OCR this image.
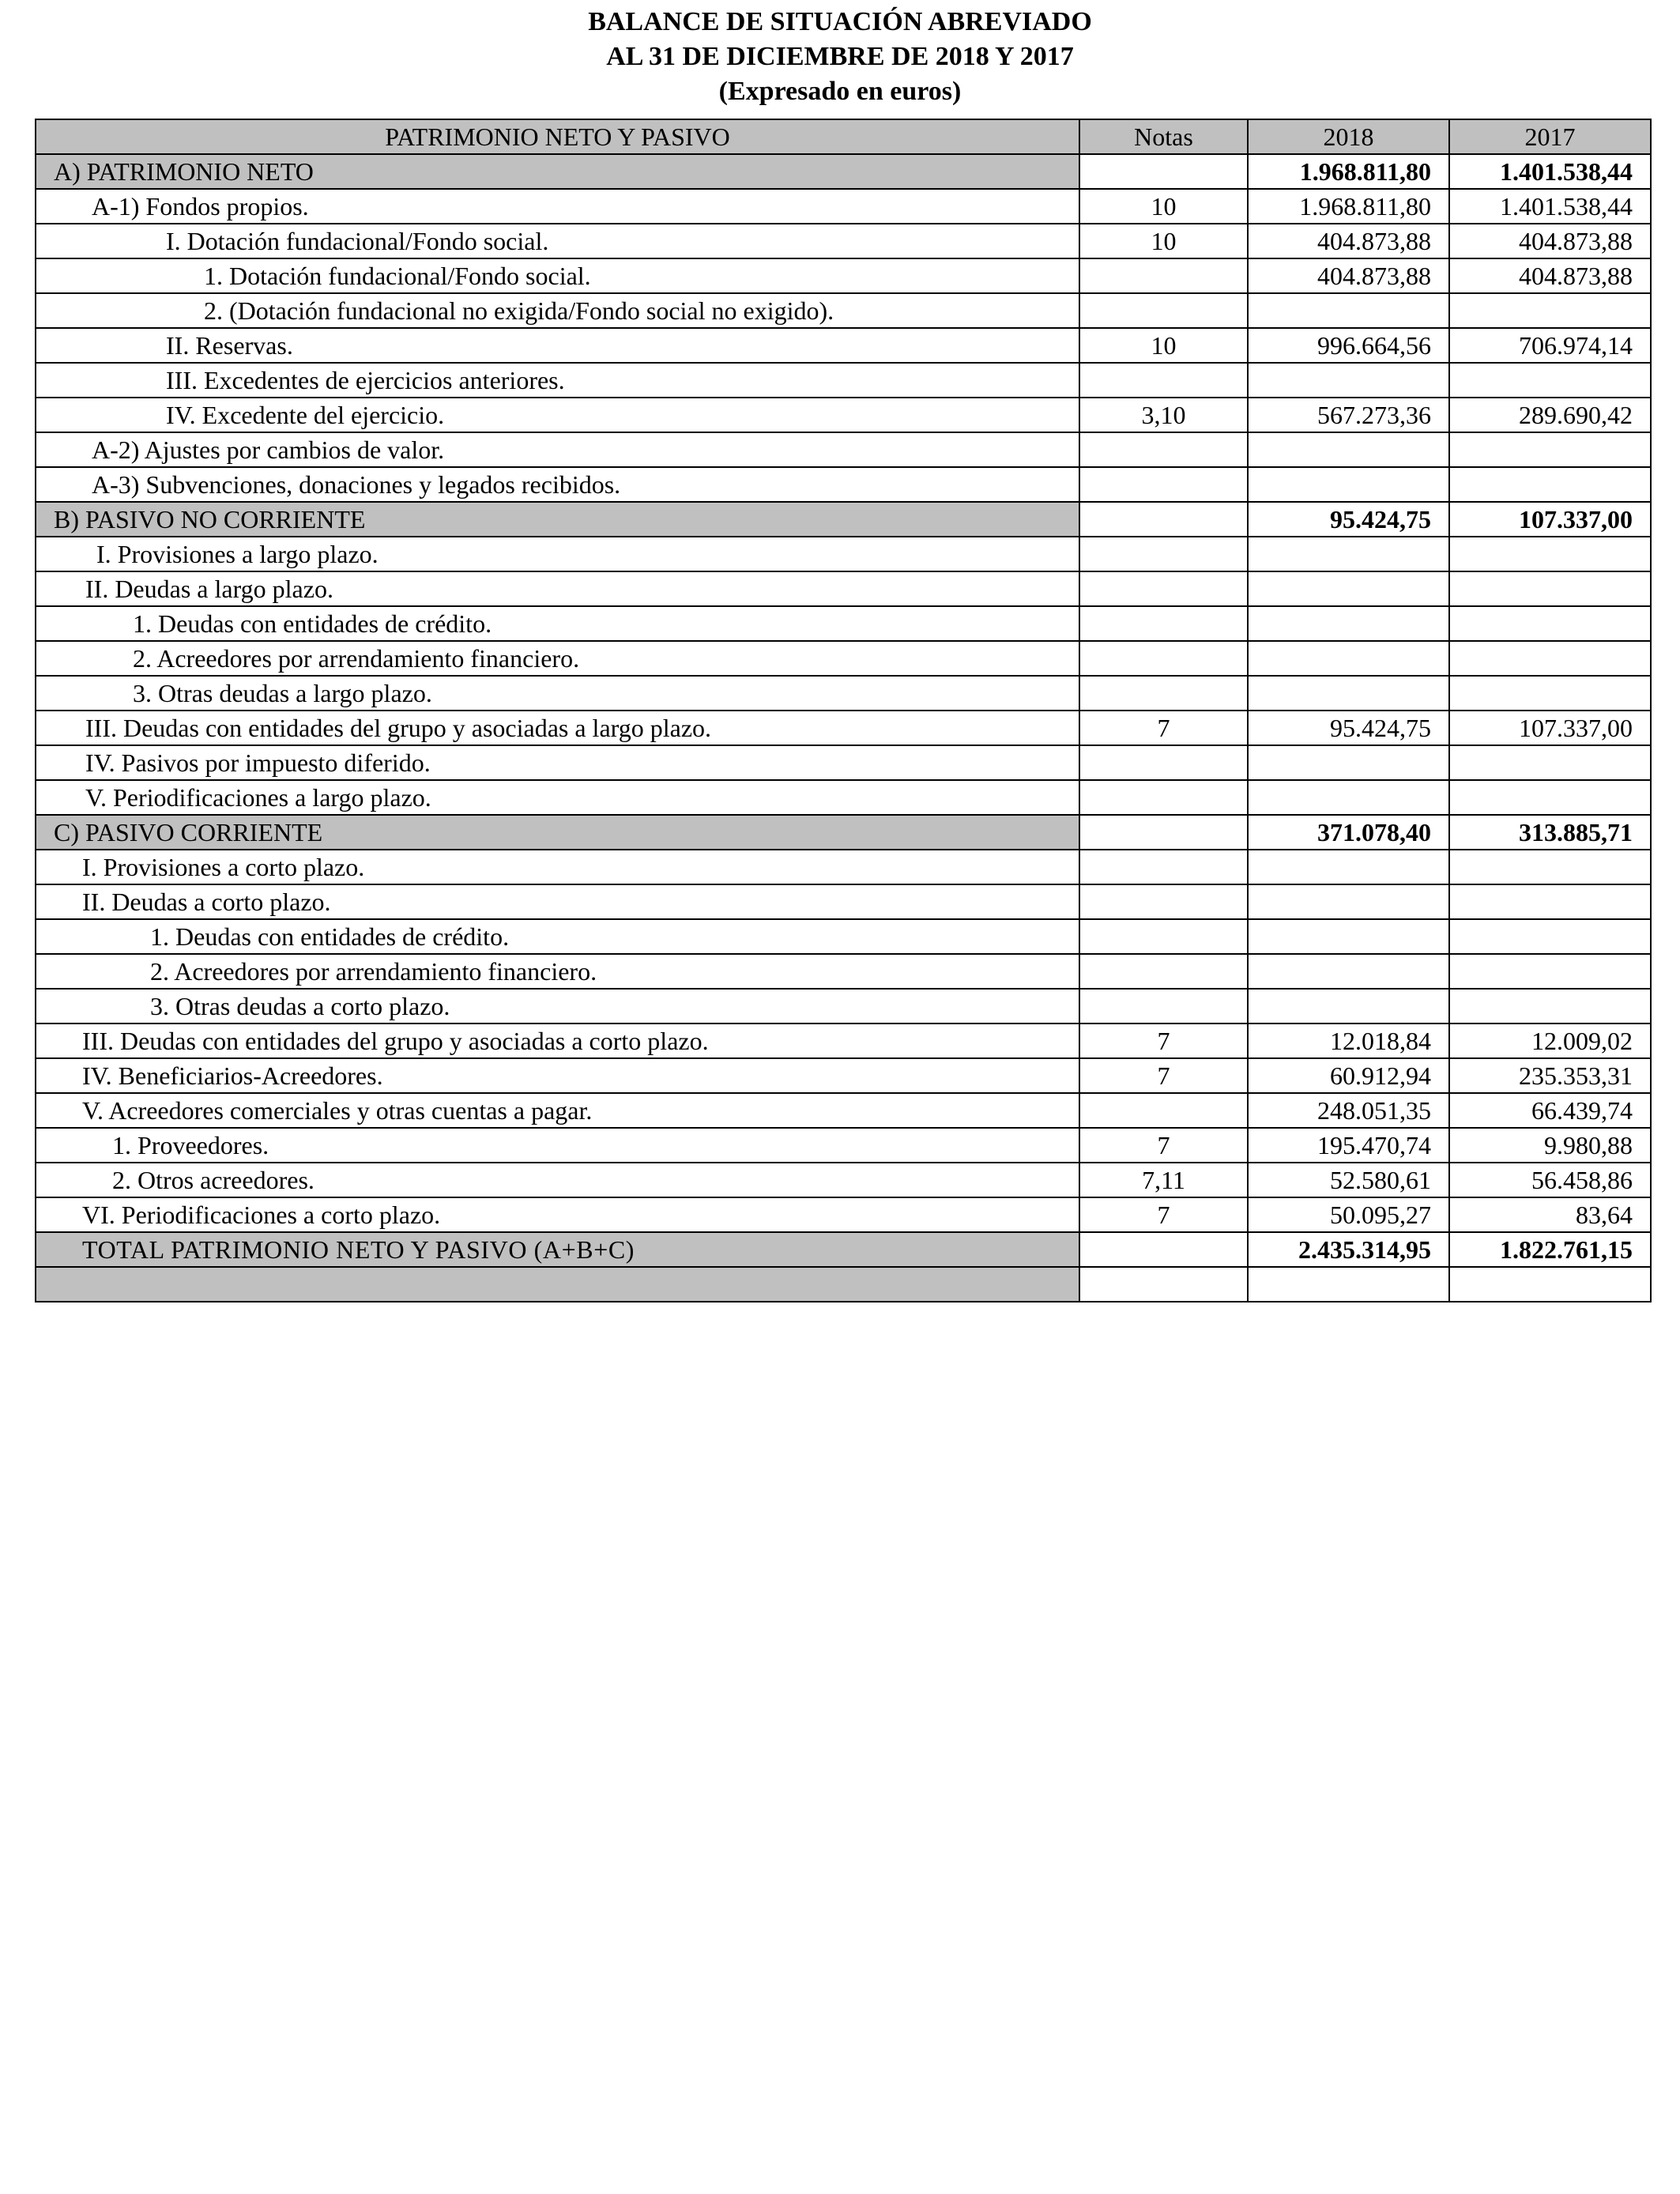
BALANCE DE SITUACIÓN ABREVIADO
AL 31 DE DICIEMBRE DE 2018 Y 2017
(Expresado en euros)
PATRIMONIO NETO Y PASIVO	Notas	2018	2017
A) PATRIMONIO NETO		1.968.811,80	1.401.538,44
A-1) Fondos propios.	10	1.968.811,80	1.401.538,44
I. Dotación fundacional/Fondo social.	10	404.873,88	404.873,88
1. Dotación fundacional/Fondo social.		404.873,88	404.873,88
2. (Dotación fundacional no exigida/Fondo social no exigido).			
II. Reservas.	10	996.664,56	706.974,14
III. Excedentes de ejercicios anteriores.			
IV. Excedente del ejercicio.	3,10	567.273,36	289.690,42
A-2) Ajustes por cambios de valor.			
A-3) Subvenciones, donaciones y legados recibidos.			
B) PASIVO NO CORRIENTE		95.424,75	107.337,00
I. Provisiones a largo plazo.			
II. Deudas a largo plazo.			
1. Deudas con entidades de crédito.			
2. Acreedores por arrendamiento financiero.			
3. Otras deudas a largo plazo.			
III. Deudas con entidades del grupo y asociadas a largo plazo.	7	95.424,75	107.337,00
IV. Pasivos por impuesto diferido.			
V. Periodificaciones a largo plazo.			
C) PASIVO CORRIENTE		371.078,40	313.885,71
I. Provisiones a corto plazo.			
II. Deudas a corto plazo.			
1. Deudas con entidades de crédito.			
2. Acreedores por arrendamiento financiero.			
3. Otras deudas a corto plazo.			
III. Deudas con entidades del grupo y asociadas a corto plazo.	7	12.018,84	12.009,02
IV. Beneficiarios-Acreedores.	7	60.912,94	235.353,31
V. Acreedores comerciales y otras cuentas a pagar.		248.051,35	66.439,74
1. Proveedores.	7	195.470,74	9.980,88
2. Otros acreedores.	7,11	52.580,61	56.458,86
VI. Periodificaciones a corto plazo.	7	50.095,27	83,64
TOTAL PATRIMONIO NETO Y PASIVO (A+B+C)		2.435.314,95	1.822.761,15
